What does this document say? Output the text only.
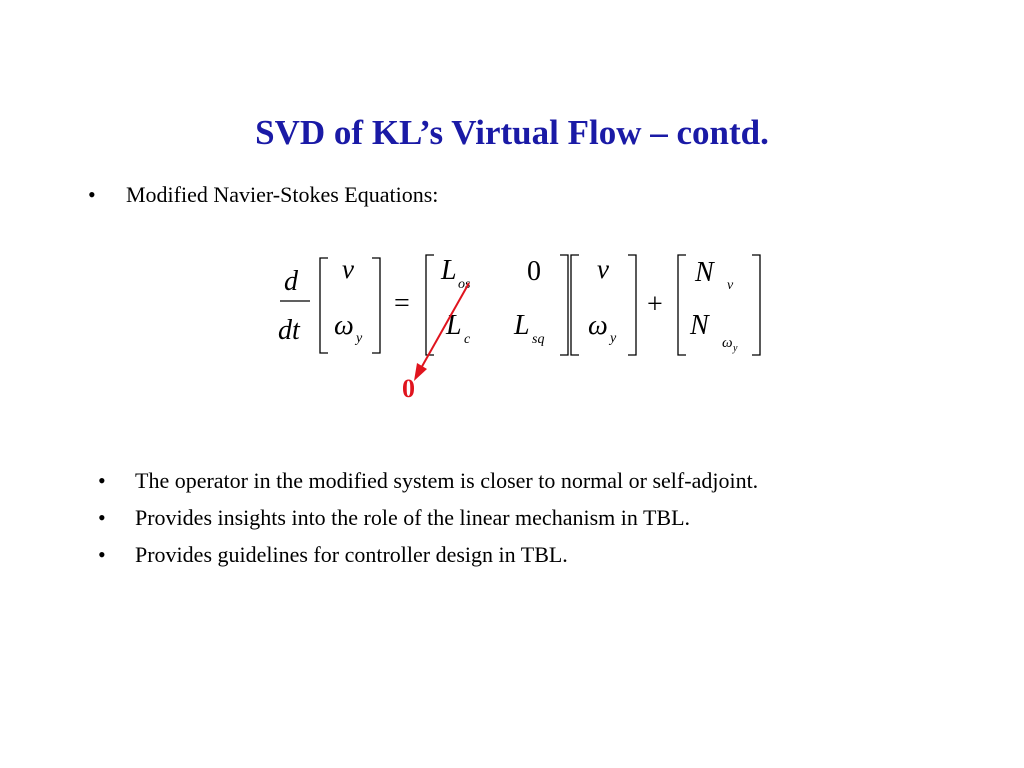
SVD of KL’s Virtual Flow – contd.
• Modified Navier-Stokes Equations:
d
dt
v
ω y
=
L os 0
L c L sq
v
ω y
+
N v
N
ω y
0
• The operator in the modified system is closer to normal or self-adjoint.
• Provides insights into the role of the linear mechanism in TBL.
• Provides guidelines for controller design in TBL.
